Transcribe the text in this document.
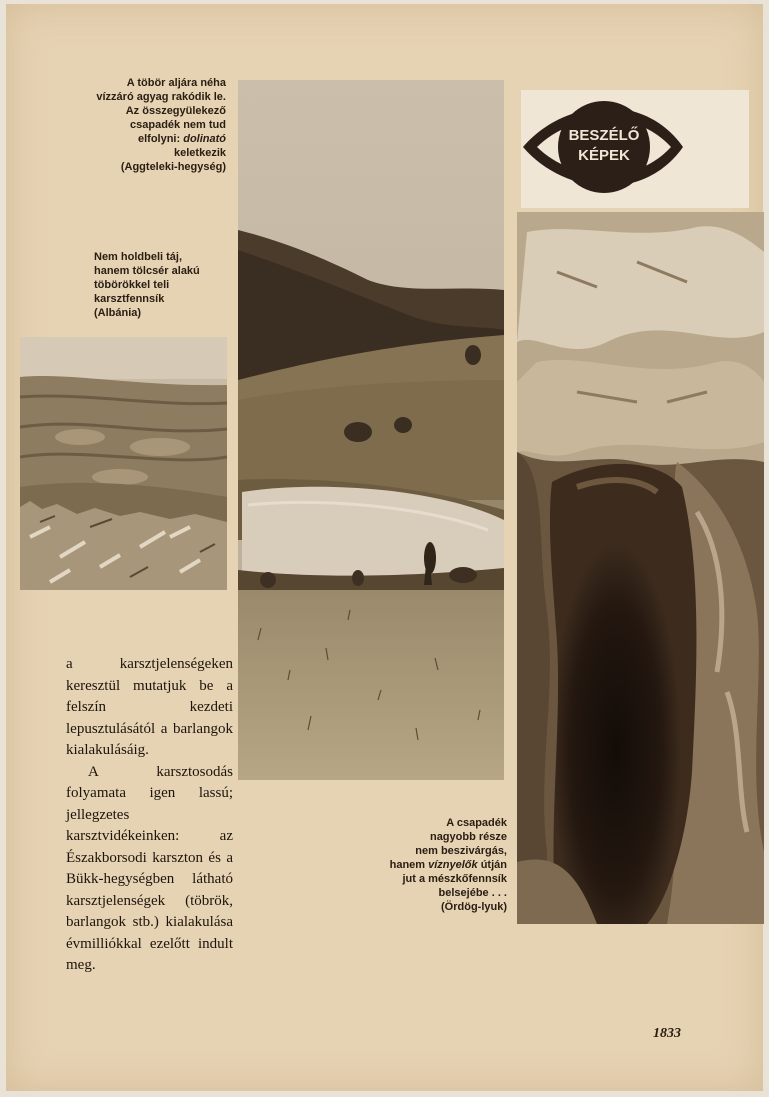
A töbör aljára néha
vízzáró agyag rakódik le.
Az összegyülekező
csapadék nem tud
elfolyni: dolinató
keletkezik
(Aggteleki-hegység)
Nem holdbeli táj,
hanem tölcsér alakú
töbörökkel teli
karsztfennsík
(Albánia)
BESZÉLŐ
KÉPEK
A csapadék
nagyobb része
nem beszivárgás,
hanem víznyelők útján
jut a mészkőfennsík
belsejébe . . .
(Ördög-lyuk)

a karsztjelenségeken keresztül mutatjuk be a felszín kezdeti lepusztulásától a barlangok kialakulásáig.

A karsztosodás folyamata igen lassú; jellegzetes karsztvidékeinken: az Északborsodi karszton és a Bükk-hegységben látható karsztjelenségek (töbrök, barlangok stb.) kialakulása évmilliókkal ezelőtt indult meg.

1833
